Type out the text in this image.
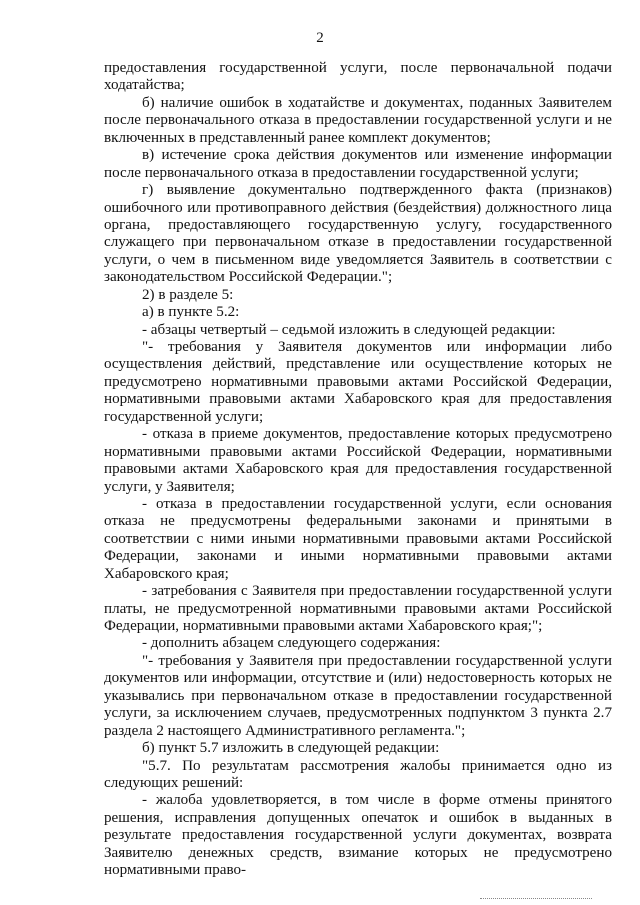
2

предоставления государственной услуги, после первоначальной подачи ходатайства;

б) наличие ошибок в ходатайстве и документах, поданных Заявителем после первоначального отказа в предоставлении государственной услуги и не включенных в представленный ранее комплект документов;

в) истечение срока действия документов или изменение информации после первоначального отказа в предоставлении государственной услуги;

г) выявление документально подтвержденного факта (признаков) ошибочного или противоправного действия (бездействия) должностного лица органа, предоставляющего государственную услугу, государственного служащего при первоначальном отказе в предоставлении государственной услуги, о чем в письменном виде уведомляется Заявитель в соответствии с законодательством Российской Федерации.";

2) в разделе 5:

а) в пункте 5.2:

- абзацы четвертый – седьмой изложить в следующей редакции:

"- требования у Заявителя документов или информации либо осуществления действий, представление или осуществление которых не предусмотрено нормативными правовыми актами Российской Федерации, нормативными правовыми актами Хабаровского края для предоставления государственной услуги;

- отказа в приеме документов, предоставление которых предусмотрено нормативными правовыми актами Российской Федерации, нормативными правовыми актами Хабаровского края для предоставления государственной услуги, у Заявителя;

- отказа в предоставлении государственной услуги, если основания отказа не предусмотрены федеральными законами и принятыми в соответствии с ними иными нормативными правовыми актами Российской Федерации, законами и иными нормативными правовыми актами Хабаровского края;

- затребования с Заявителя при предоставлении государственной услуги платы, не предусмотренной нормативными правовыми актами Российской Федерации, нормативными правовыми актами Хабаровского края;";

- дополнить абзацем следующего содержания:

"- требования у Заявителя при предоставлении государственной услуги документов или информации, отсутствие и (или) недостоверность которых не указывались при первоначальном отказе в предоставлении государственной услуги, за исключением случаев, предусмотренных подпунктом 3 пункта 2.7 раздела 2 настоящего Административного регламента.";

б) пункт 5.7 изложить в следующей редакции:

"5.7. По результатам рассмотрения жалобы принимается одно из следующих решений:

- жалоба удовлетворяется, в том числе в форме отмены принятого решения, исправления допущенных опечаток и ошибок в выданных в результате предоставления государственной услуги документах, возврата Заявителю денежных средств, взимание которых не предусмотрено нормативными право-
